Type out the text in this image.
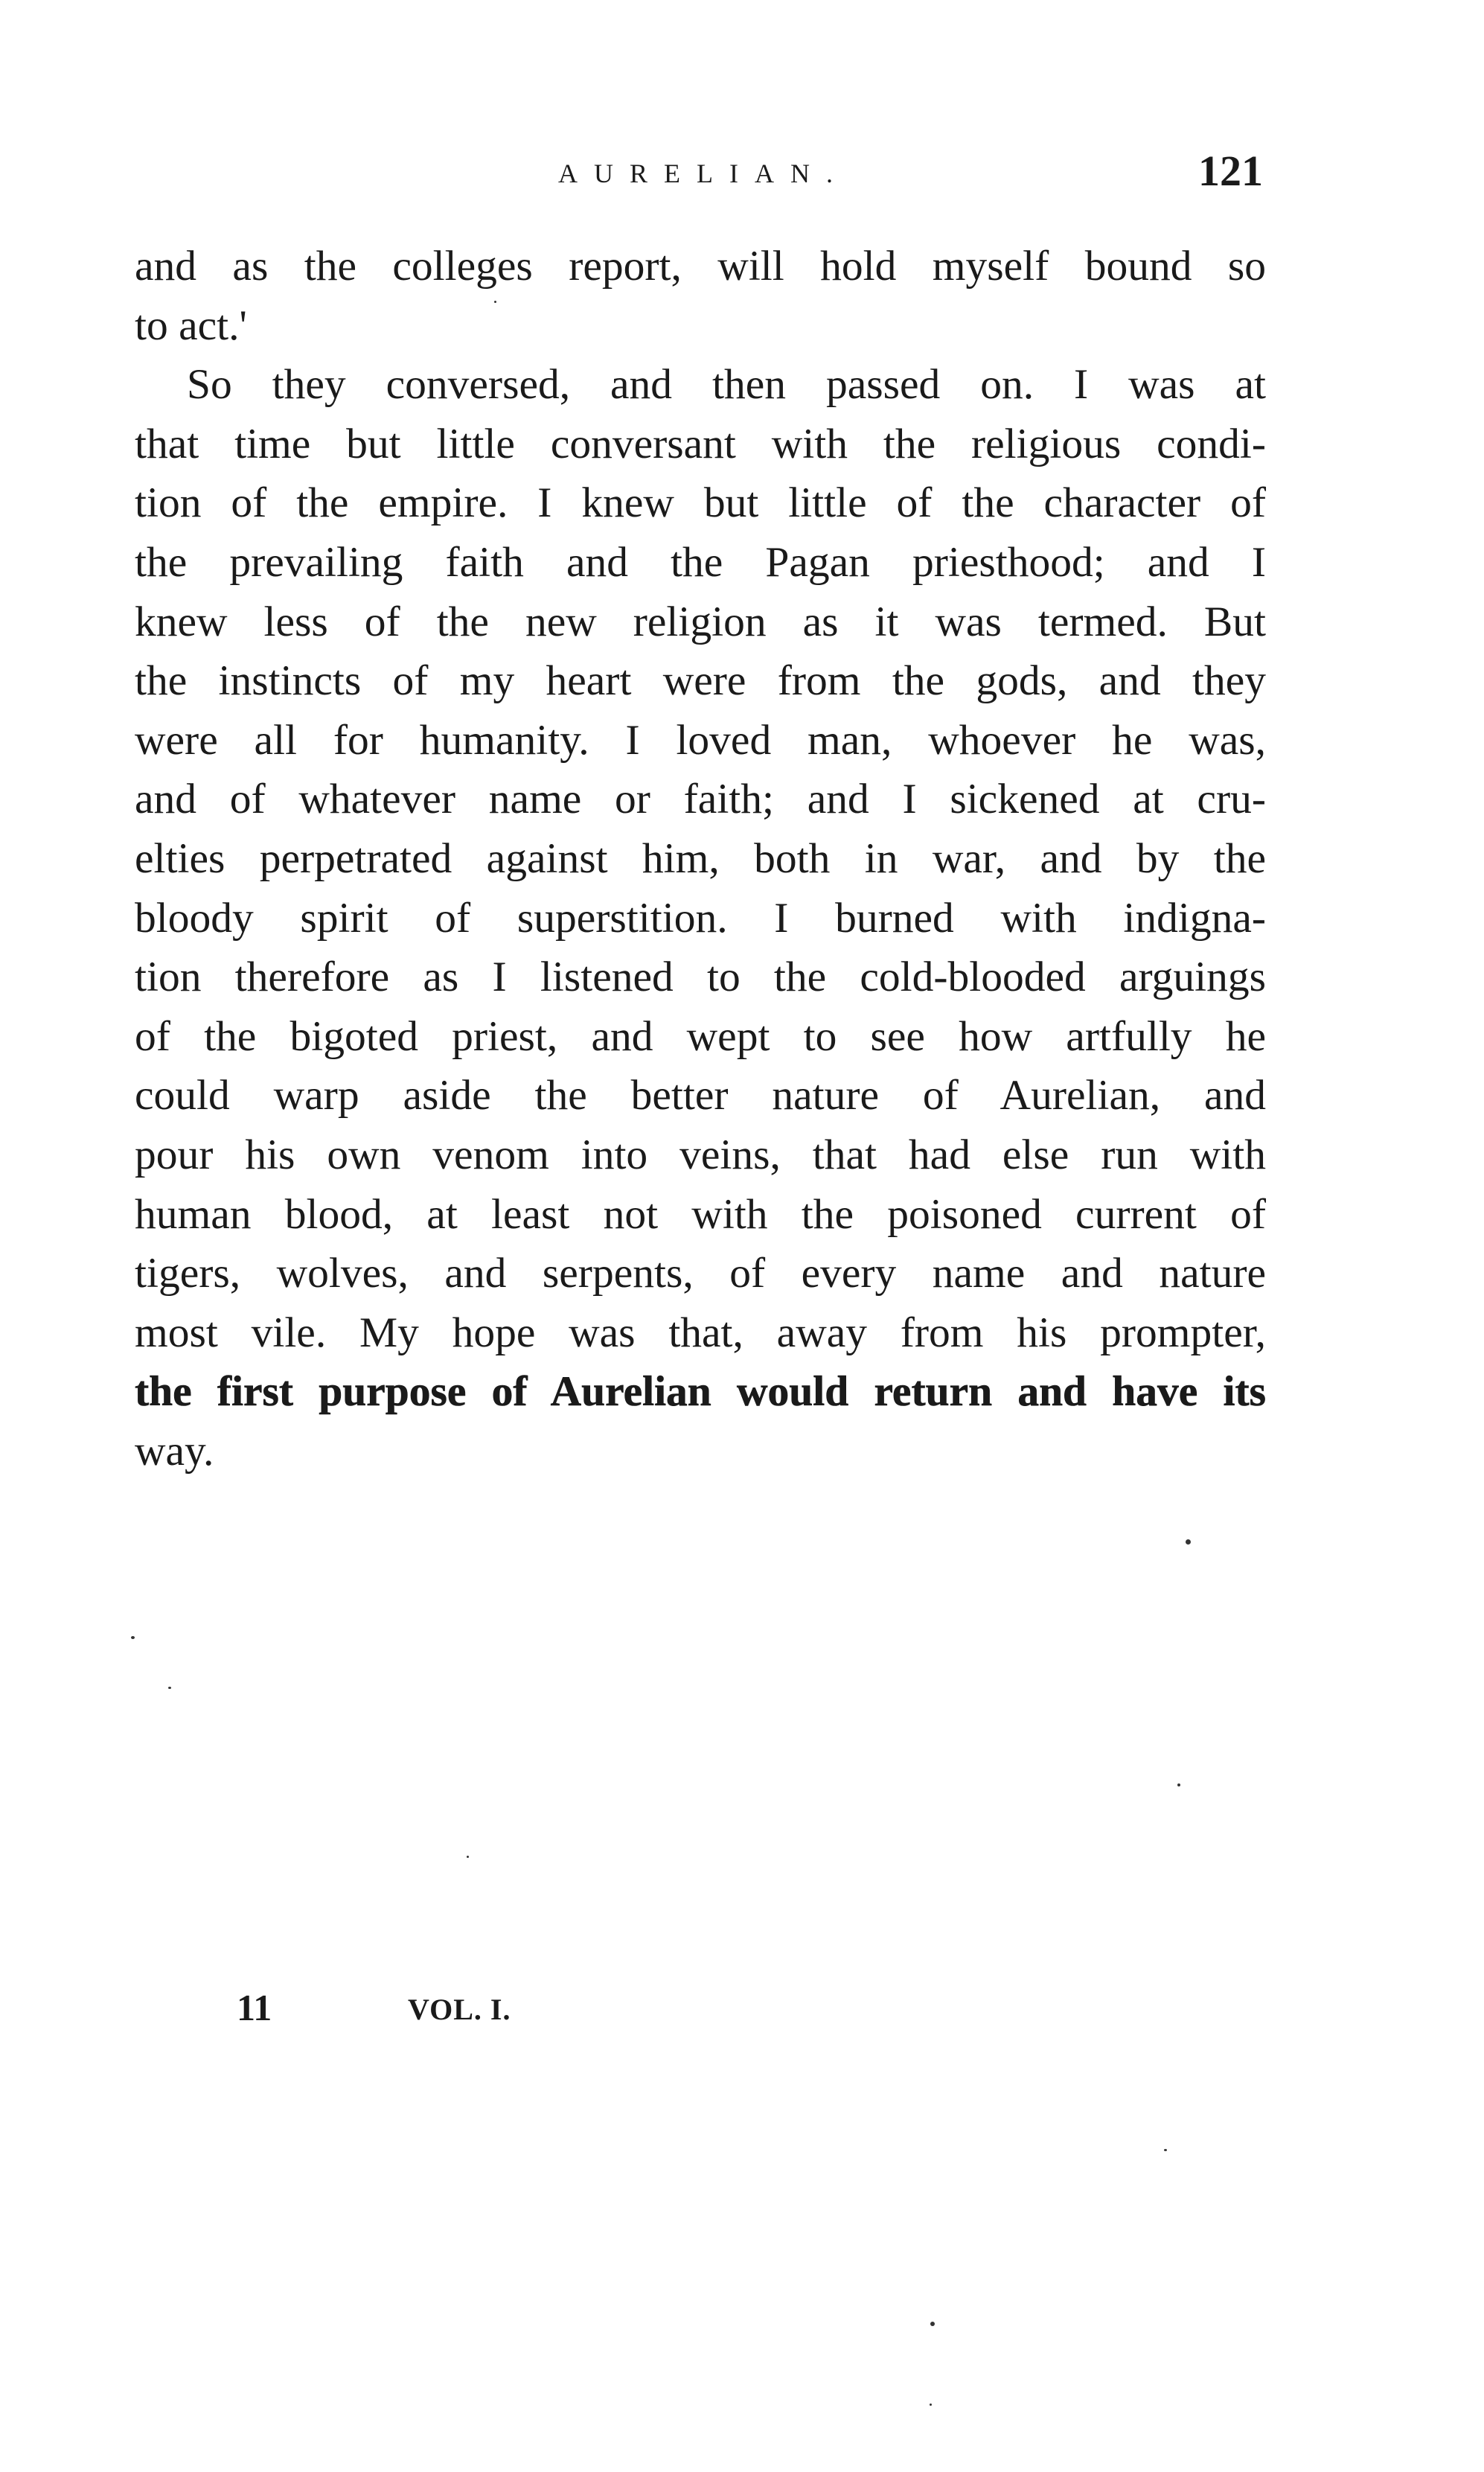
AURELIAN.	121
and as the colleges report, will hold myself bound so
to act.'
So they conversed, and then passed on. I was at
that time but little conversant with the religious condi-
tion of the empire. I knew but little of the character of
the prevailing faith and the Pagan priesthood; and I
knew less of the new religion as it was termed. But
the instincts of my heart were from the gods, and they
were all for humanity. I loved man, whoever he was,
and of whatever name or faith; and I sickened at cru-
elties perpetrated against him, both in war, and by the
bloody spirit of superstition. I burned with indigna-
tion therefore as I listened to the cold-blooded arguings
of the bigoted priest, and wept to see how artfully he
could warp aside the better nature of Aurelian, and
pour his own venom into veins, that had else run with
human blood, at least not with the poisoned current of
tigers, wolves, and serpents, of every name and nature
most vile. My hope was that, away from his prompter,
the first purpose of Aurelian would return and have its
way.
11	VOL. I.
